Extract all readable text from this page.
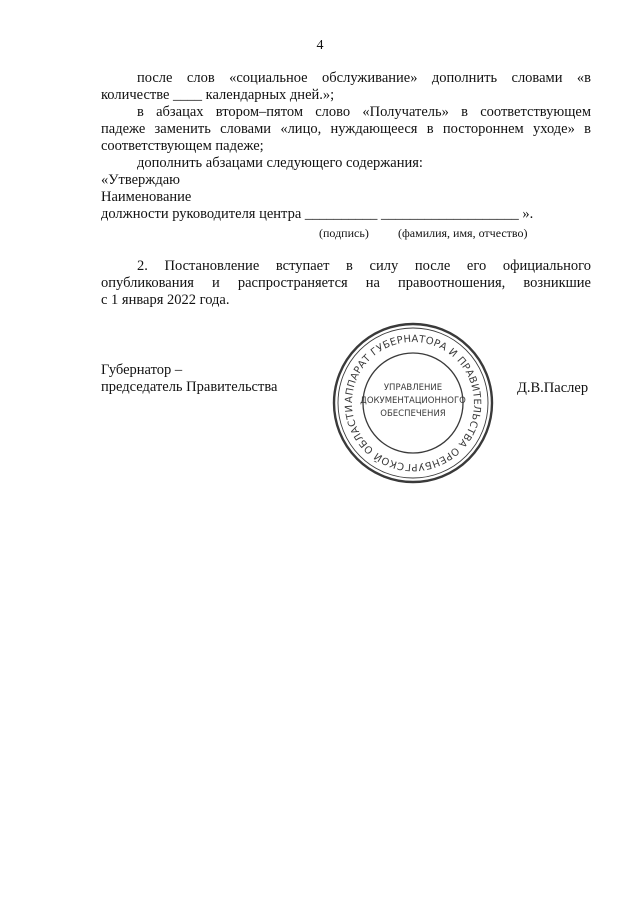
4
после слов «социальное обслуживание» дополнить словами «в
количестве ____ календарных дней.»;
в абзацах втором–пятом слово «Получатель» в соответствующем
падеже заменить словами «лицо, нуждающееся в постороннем уходе» в
соответствующем падеже;
дополнить абзацами следующего содержания:
«Утверждаю
Наименование
должности руководителя центра __________ ___________________ ».
(подпись) (фамилия, имя, отчество)
2. Постановление вступает в силу после его официального
опубликования и распространяется на правоотношения, возникшие
с 1 января 2022 года.
Губернатор –
председатель Правительства	Д.В.Паслер
АППАРАТ ГУБЕРНАТОРА И ПРАВИТЕЛЬСТВА ОРЕНБУРГСКОЙ ОБЛАСТИ
УПРАВЛЕНИЕ
ДОКУМЕНТАЦИОННОГО
ОБЕСПЕЧЕНИЯ
